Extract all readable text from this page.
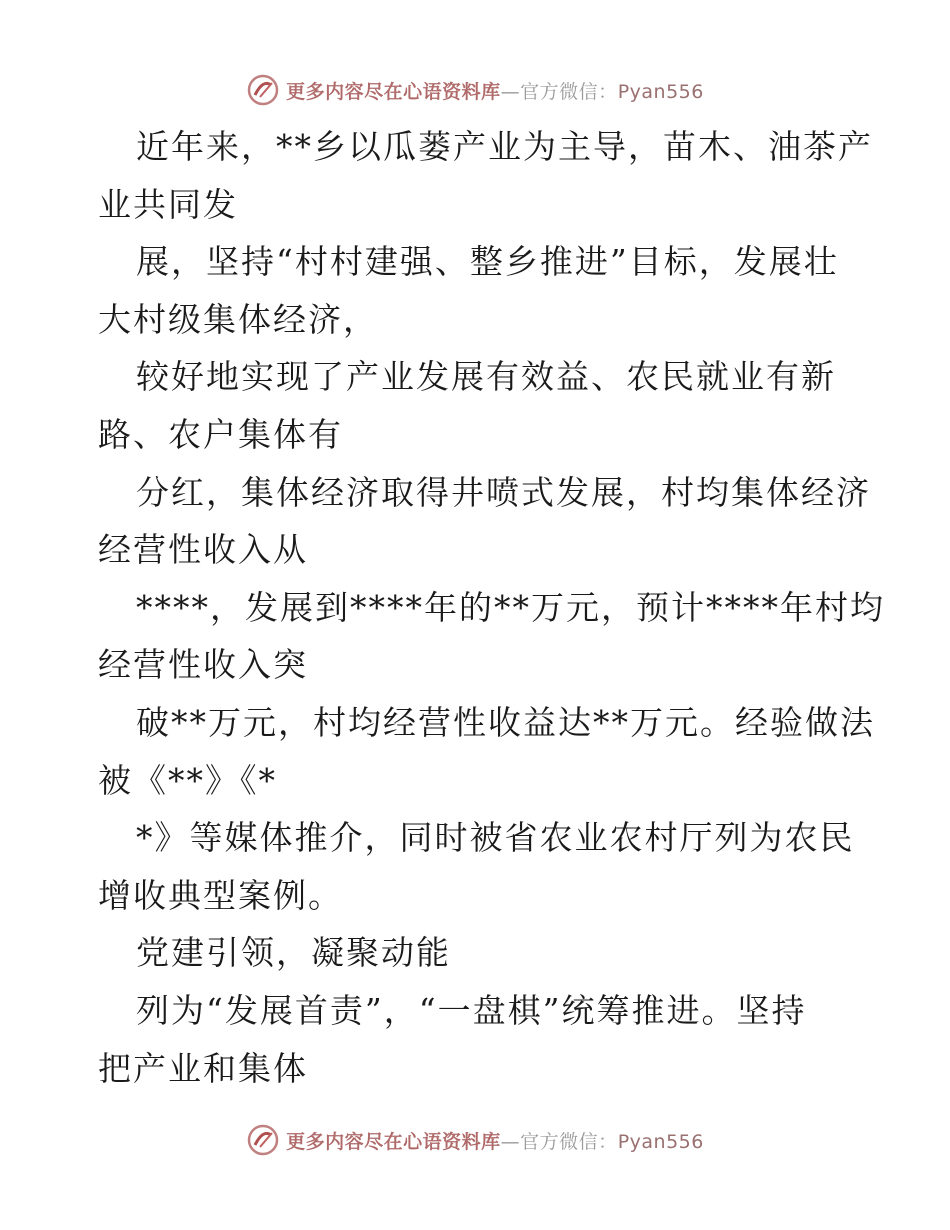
更多内容尽在心语资料库—官方微信：Pyan556
近年来，**乡以瓜蒌产业为主导，苗木、油茶产
业共同发
展，坚持“村村建强、整乡推进”目标，发展壮
大村级集体经济，
较好地实现了产业发展有效益、农民就业有新
路、农户集体有
分红，集体经济取得井喷式发展，村均集体经济
经营性收入从
****，发展到****年的**万元，预计****年村均
经营性收入突
破**万元，村均经营性收益达**万元。经验做法
被《**》《*
*》等媒体推介，同时被省农业农村厅列为农民
增收典型案例。
党建引领，凝聚动能
列为“发展首责”，“一盘棋”统筹推进。坚持
把产业和集体
更多内容尽在心语资料库—官方微信：Pyan556
